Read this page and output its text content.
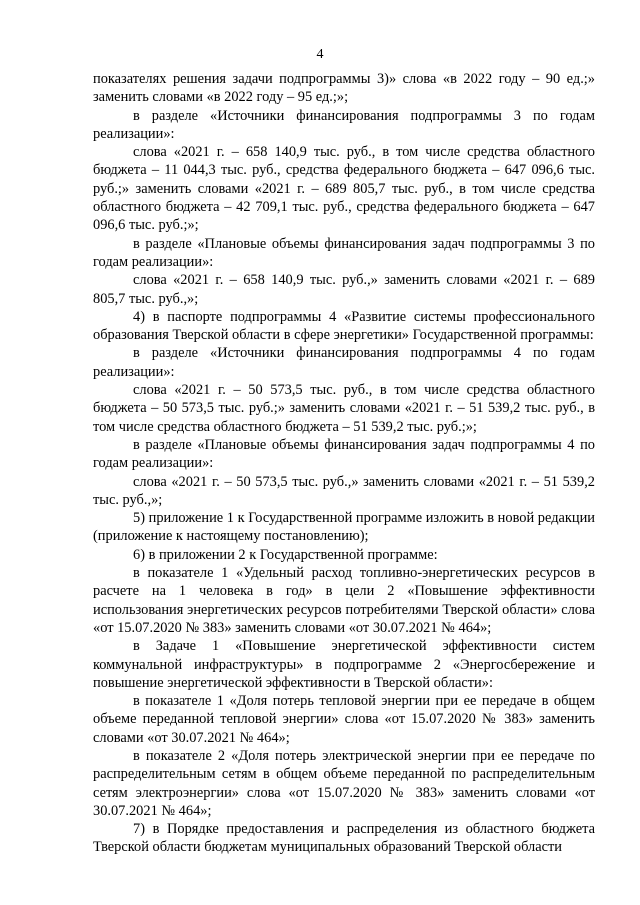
4

показателях решения задачи подпрограммы 3)» слова «в 2022 году – 90 ед.;» заменить словами «в 2022 году – 95 ед.;»;

в разделе «Источники финансирования подпрограммы 3 по годам реализации»:

слова «2021 г. – 658 140,9 тыс. руб., в том числе средства областного бюджета – 11 044,3 тыс. руб., средства федерального бюджета – 647 096,6 тыс. руб.;» заменить словами «2021 г. – 689 805,7 тыс. руб., в том числе средства областного бюджета – 42 709,1 тыс. руб., средства федерального бюджета – 647 096,6 тыс. руб.;»;

в разделе «Плановые объемы финансирования задач подпрограммы 3 по годам реализации»:

слова «2021 г. – 658 140,9 тыс. руб.,» заменить словами «2021 г. – 689 805,7 тыс. руб.,»;

4) в паспорте подпрограммы 4 «Развитие системы профессионального образования Тверской области в сфере энергетики» Государственной программы:

в разделе «Источники финансирования подпрограммы 4 по годам реализации»:

слова «2021 г. – 50 573,5 тыс. руб., в том числе средства областного бюджета – 50 573,5 тыс. руб.;» заменить словами «2021 г. – 51 539,2 тыс. руб., в том числе средства областного бюджета – 51 539,2 тыс. руб.;»;

в разделе «Плановые объемы финансирования задач подпрограммы 4 по годам реализации»:

слова «2021 г. – 50 573,5 тыс. руб.,» заменить словами «2021 г. – 51 539,2 тыс. руб.,»;

5) приложение 1 к Государственной программе изложить в новой редакции (приложение к настоящему постановлению);

6) в приложении 2 к Государственной программе:

в показателе 1 «Удельный расход топливно-энергетических ресурсов в расчете на 1 человека в год» в цели 2 «Повышение эффективности использования энергетических ресурсов потребителями Тверской области» слова «от 15.07.2020 № 383» заменить словами «от 30.07.2021 № 464»;

в Задаче 1 «Повышение энергетической эффективности систем коммунальной инфраструктуры» в подпрограмме 2 «Энергосбережение и повышение энергетической эффективности в Тверской области»:

в показателе 1 «Доля потерь тепловой энергии при ее передаче в общем объеме переданной тепловой энергии» слова «от 15.07.2020 № 383» заменить словами «от 30.07.2021 № 464»;

в показателе 2 «Доля потерь электрической энергии при ее передаче по распределительным сетям в общем объеме переданной по распределительным сетям электроэнергии» слова «от 15.07.2020 № 383» заменить словами «от 30.07.2021 № 464»;

7) в Порядке предоставления и распределения из областного бюджета Тверской области бюджетам муниципальных образований Тверской области
